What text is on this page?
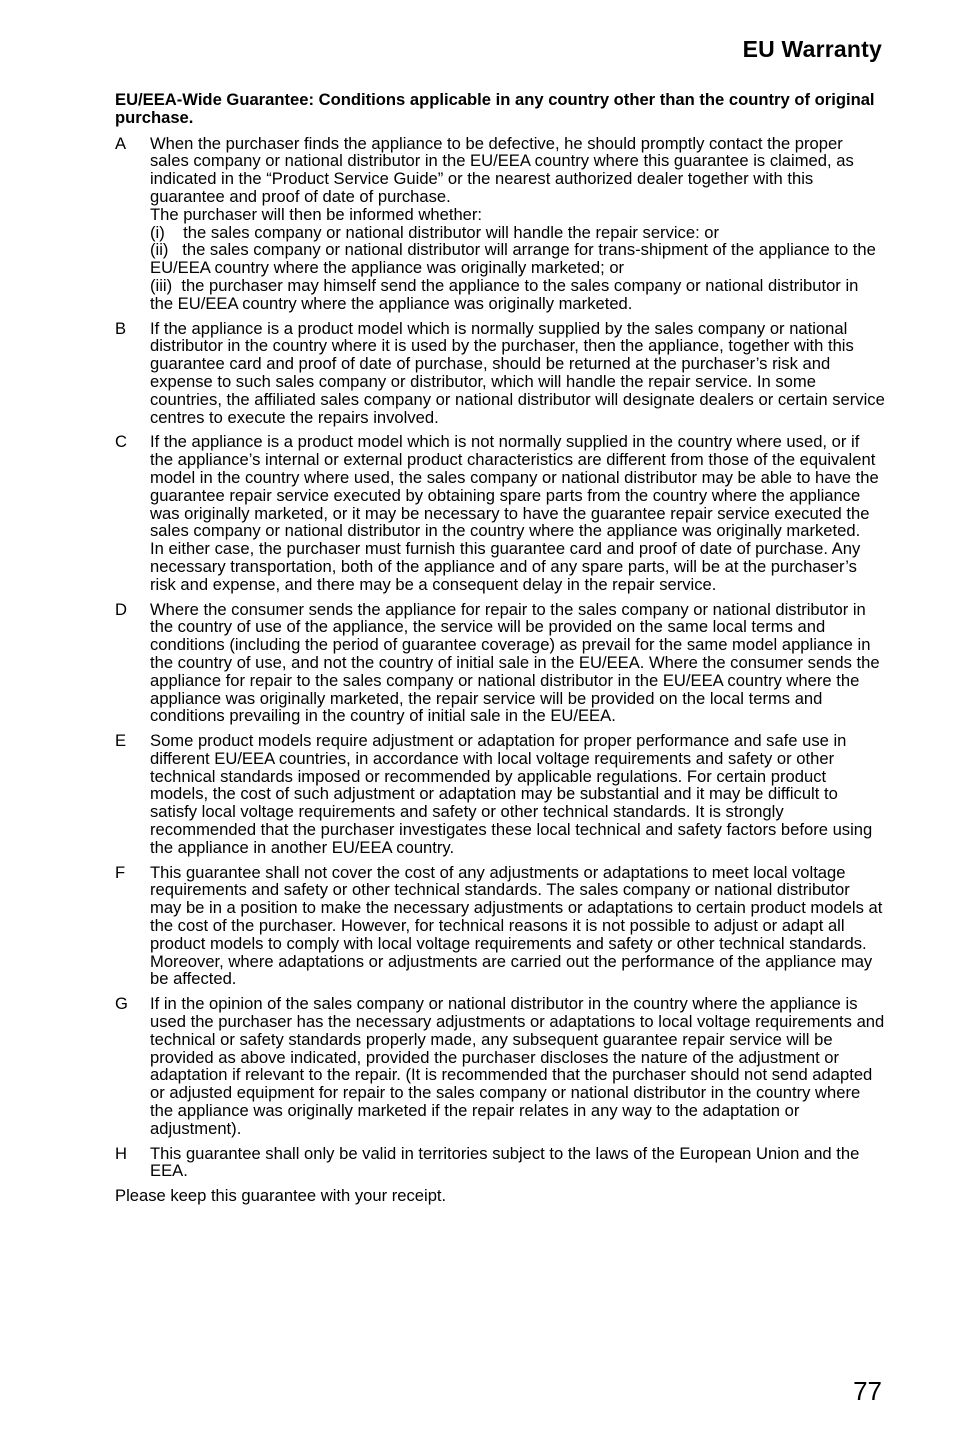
EU Warranty

EU/EEA-Wide Guarantee: Conditions applicable in any country other than the country of original purchase.

A	When the purchaser finds the appliance to be defective, he should promptly contact the proper sales company or national distributor in the EU/EEA country where this guarantee is claimed, as indicated in the “Product Service Guide” or the nearest authorized dealer together with this guarantee and proof of date of purchase.

The purchaser will then be informed whether:

(i)    the sales company or national distributor will handle the repair service: or

(ii)   the sales company or national distributor will arrange for trans-shipment of the appliance to the EU/EEA country where the appliance was originally marketed; or

(iii)  the purchaser may himself send the appliance to the sales company or national distributor in the EU/EEA country where the appliance was originally marketed.

B	If the appliance is a product model which is normally supplied by the sales company or national distributor in the country where it is used by the purchaser, then the appliance, together with this guarantee card and proof of date of purchase, should be returned at the purchaser’s risk and expense to such sales company or distributor, which will handle the repair service. In some countries, the affiliated sales company or national distributor will designate dealers or certain service centres to execute the repairs involved.

C	If the appliance is a product model which is not normally supplied in the country where used, or if the appliance’s internal or external product characteristics are different from those of the equivalent model in the country where used, the sales company or national distributor may be able to have the guarantee repair service executed by obtaining spare parts from the country where the appliance was originally marketed, or it may be necessary to have the guarantee repair service executed the sales company or national distributor in the country where the appliance was originally marketed.

In either case, the purchaser must furnish this guarantee card and proof of date of purchase. Any necessary transportation, both of the appliance and of any spare parts, will be at the purchaser’s risk and expense, and there may be a consequent delay in the repair service.

D	Where the consumer sends the appliance for repair to the sales company or national distributor in the country of use of the appliance, the service will be provided on the same local terms and conditions (including the period of guarantee coverage) as prevail for the same model appliance in the country of use, and not the country of initial sale in the EU/EEA. Where the consumer sends the appliance for repair to the sales company or national distributor in the EU/EEA country where the appliance was originally marketed, the repair service will be provided on the local terms and conditions prevailing in the country of initial sale in the EU/EEA.

E	Some product models require adjustment or adaptation for proper performance and safe use in different EU/EEA countries, in accordance with local voltage requirements and safety or other technical standards imposed or recommended by applicable regulations. For certain product models, the cost of such adjustment or adaptation may be substantial and it may be difficult to satisfy local voltage requirements and safety or other technical standards. It is strongly recommended that the purchaser investigates these local technical and safety factors before using the appliance in another EU/EEA country.

F	This guarantee shall not cover the cost of any adjustments or adaptations to meet local voltage requirements and safety or other technical standards. The sales company or national distributor may be in a position to make the necessary adjustments or adaptations to certain product models at the cost of the purchaser. However, for technical reasons it is not possible to adjust or adapt all product models to comply with local voltage requirements and safety or other technical standards. Moreover, where adaptations or adjustments are carried out the performance of the appliance may be affected.

G	If in the opinion of the sales company or national distributor in the country where the appliance is used the purchaser has the necessary adjustments or adaptations to local voltage requirements and technical or safety standards properly made, any subsequent guarantee repair service will be provided as above indicated, provided the purchaser discloses the nature of the adjustment or adaptation if relevant to the repair. (It is recommended that the purchaser should not send adapted or adjusted equipment for repair to the sales company or national distributor in the country where the appliance was originally marketed if the repair relates in any way to the adaptation or adjustment).

H	This guarantee shall only be valid in territories subject to the laws of the European Union and the EEA.

Please keep this guarantee with your receipt.

77
